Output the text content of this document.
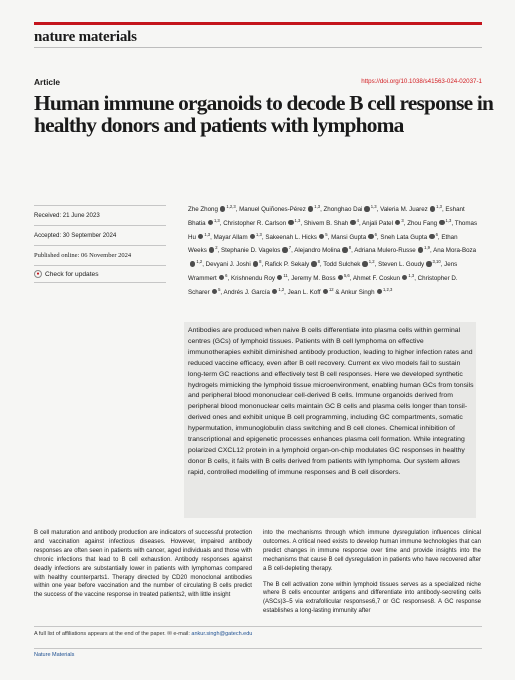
nature materials
Article	https://doi.org/10.1038/s41563-024-02037-1
Human immune organoids to decode B cell response in healthy donors and patients with lymphoma
Received: 21 June 2023
Accepted: 30 September 2024
Published online: 06 November 2024
● Check for updates
Zhe Zhong $^{1,2,3}$, Manuel Quiñones-Pérez $^{1,3}$, Zhonghao Dai $^{1,3}$, Valeria M. Juarez $^{1,3}$, Eshant Bhatia $^{1,3}$, Christopher R. Carlson $^{1,3}$, Shivem B. Shah $^4$, Anjali Patel $^3$, Zhou Fang $^{1,3}$, Thomas Hu $^{1,3}$, Mayar Allam $^{1,3}$, Sakeenah L. Hicks $^5$, Mansi Gupta $^6$, Sneh Lata Gupta $^6$, Ethan Weeks $^2$, Stephanie D. Vagelos $^7$, Alejandro Molina $^8$, Adriana Mulero-Russe $^{1,9}$, Ana Mora-Boza$^{1,2}$, Devyani J. Joshi $^8$, Rafick P. Sekaly $^8$, Todd Sulchek $^{1,2}$, Steven L. Goudy $^{3,10}$, Jens Wrammert $^6$, Krishnendu Roy $^{11}$, Jeremy M. Boss $^{5,6}$, Ahmet F. Coskun $^{1,3}$, Christopher D. Scharer $^5$, Andrés J. García $^{1,2}$, Jean L. Koff $^{12}$ & Ankur Singh $^{1,2,3}$

Antibodies are produced when naive B cells differentiate into plasma cells within germinal centres (GCs) of lymphoid tissues. Patients with B cell lymphoma on effective immunotherapies exhibit diminished antibody production, leading to higher infection rates and reduced vaccine efficacy, even after B cell recovery. Current ex vivo models fail to sustain long-term GC reactions and effectively test B cell responses. Here we developed synthetic hydrogels mimicking the lymphoid tissue microenvironment, enabling human GCs from tonsils and peripheral blood mononuclear cell-derived B cells. Immune organoids derived from peripheral blood mononuclear cells maintain GC B cells and plasma cells longer than tonsil-derived ones and exhibit unique B cell programming, including GC compartments, somatic hypermutation, immunoglobulin class switching and B cell clones. Chemical inhibition of transcriptional and epigenetic processes enhances plasma cell formation. While integrating polarized CXCL12 protein in a lymphoid organ-on-chip modulates GC responses in healthy donor B cells, it fails with B cells derived from patients with lymphoma. Our system allows rapid, controlled modelling of immune responses and B cell disorders.

B cell maturation and antibody production are indicators of successful protection and vaccination against infectious diseases. However, impaired antibody responses are often seen in patients with cancer, aged individuals and those with chronic infections that lead to B cell exhaustion. Antibody responses against deadly infections are substantially lower in patients with lymphomas compared with healthy counterparts1. Therapy directed by CD20 monoclonal antibodies within one year before vaccination and the number of circulating B cells predict the success of the vaccine response in treated patients2, with little insight

into the mechanisms through which immune dysregulation influences clinical outcomes. A critical need exists to develop human immune technologies that can predict changes in immune response over time and provide insights into the mechanisms that cause B cell dysregulation in patients who have recovered after a B cell-depleting therapy.
The B cell activation zone within lymphoid tissues serves as a specialized niche where B cells encounter antigens and differentiate into antibody-secreting cells (ASCs)3–5 via extrafollicular responses6,7 or GC responses8. A GC response establishes a long-lasting immunity after
A full list of affiliations appears at the end of the paper. ✉ e-mail: ankur.singh@gatech.edu
Nature Materials
